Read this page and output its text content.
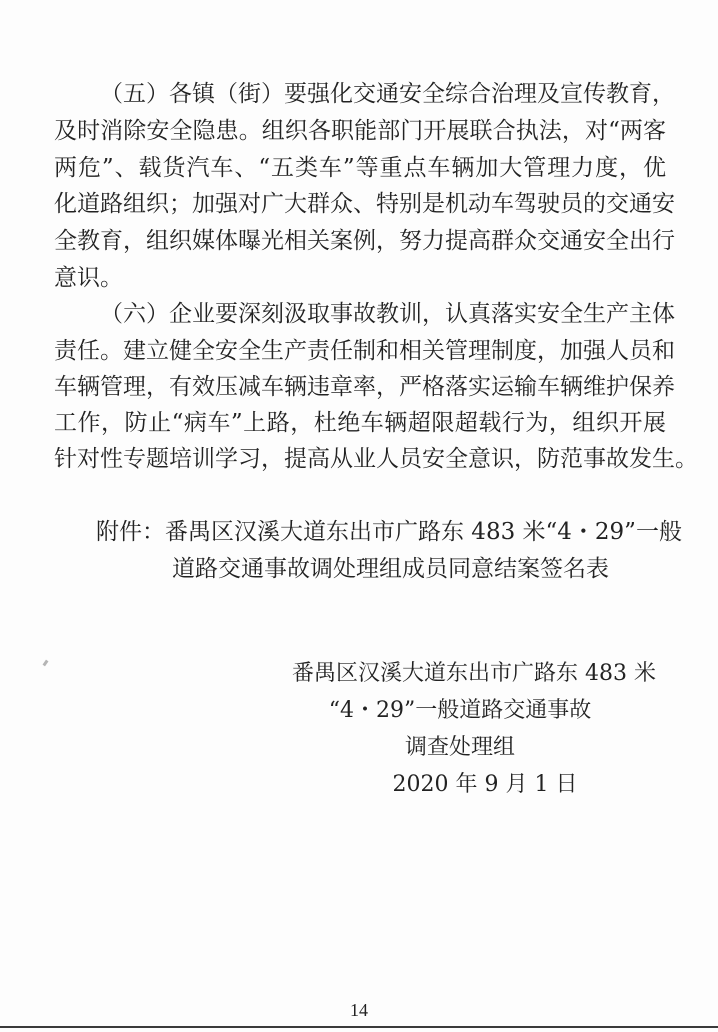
（五）各镇（街）要强化交通安全综合治理及宣传教育，
及时消除安全隐患。组织各职能部门开展联合执法，对“两客
两危”、载货汽车、“五类车”等重点车辆加大管理力度，优
化道路组织；加强对广大群众、特别是机动车驾驶员的交通安
全教育，组织媒体曝光相关案例，努力提高群众交通安全出行
意识。
（六）企业要深刻汲取事故教训，认真落实安全生产主体
责任。建立健全安全生产责任制和相关管理制度，加强人员和
车辆管理，有效压减车辆违章率，严格落实运输车辆维护保养
工作，防止“病车”上路，杜绝车辆超限超载行为，组织开展
针对性专题培训学习，提高从业人员安全意识，防范事故发生。
附件：番禺区汉溪大道东出市广路东 483 米“4・29”一般
道路交通事故调处理组成员同意结案签名表
番禺区汉溪大道东出市广路东 483 米
“4・29”一般道路交通事故
调查处理组
2020 年 9 月 1 日
14
